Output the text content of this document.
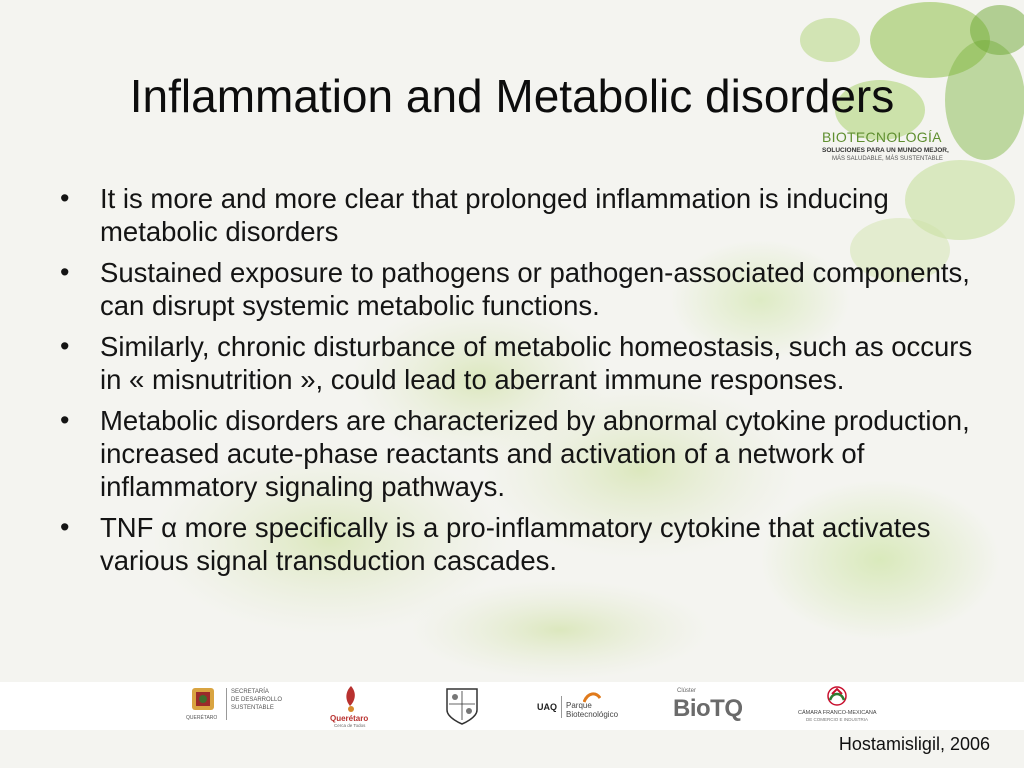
Inflammation and Metabolic disorders
BIOTECNOLOGÍA
SOLUCIONES PARA UN MUNDO MEJOR,
MÁS SALUDABLE, MÁS SUSTENTABLE
• It is more and more clear that prolonged inflammation is inducing metabolic disorders
• Sustained exposure to pathogens or pathogen-associated components, can disrupt systemic metabolic functions.
• Similarly, chronic disturbance of metabolic homeostasis, such as occurs in « misnutrition », could lead to aberrant immune responses.
• Metabolic disorders are characterized by abnormal cytokine production, increased acute-phase reactants and activation of a network of inflammatory signaling pathways.
• TNF α more specifically is a pro-inflammatory cytokine that activates various signal transduction cascades.
QUERÉTARO
SECRETARÍA
DE DESARROLLO
SUSTENTABLE
Querétaro
Cerca de Todos
UAQ Parque
Biotecnológico
Clúster
BioTQ	CÁMARA FRANCO-MEXICANA
DE COMERCIO E INDUSTRIA
Hostamisligil, 2006
